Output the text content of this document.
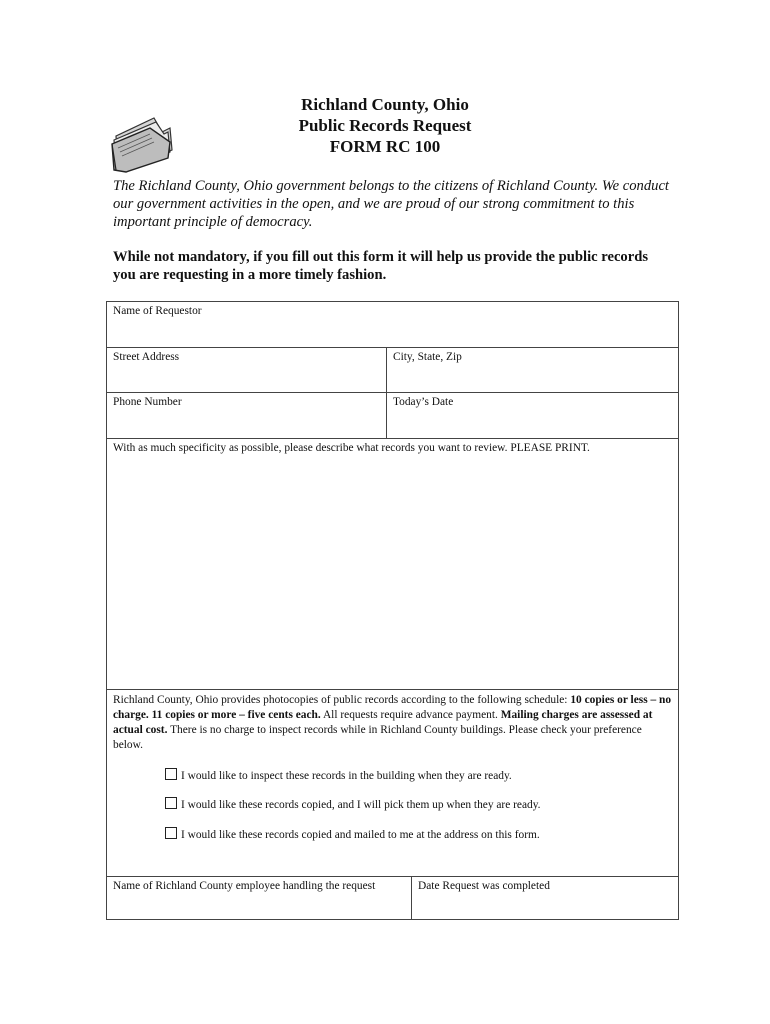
Richland County, Ohio
Public Records Request
FORM RC 100
The Richland County, Ohio government belongs to the citizens of Richland County. We conduct our government activities in the open, and we are proud of our strong commitment to this important principle of democracy.
While not mandatory, if you fill out this form it will help us provide the public records you are requesting in a more timely fashion.
Name of Requestor
Street Address	City, State, Zip
Phone Number	Today’s Date
With as much specificity as possible, please describe what records you want to review. PLEASE PRINT.

Richland County, Ohio provides photocopies of public records according to the following schedule: 10 copies or less – no charge. 11 copies or more – five cents each. All requests require advance payment. Mailing charges are assessed at actual cost. There is no charge to inspect records while in Richland County buildings. Please check your preference below.

I would like to inspect these records in the building when they are ready.
I would like these records copied, and I will pick them up when they are ready.
I would like these records copied and mailed to me at the address on this form.
Name of Richland County employee handling the request	Date Request was completed
